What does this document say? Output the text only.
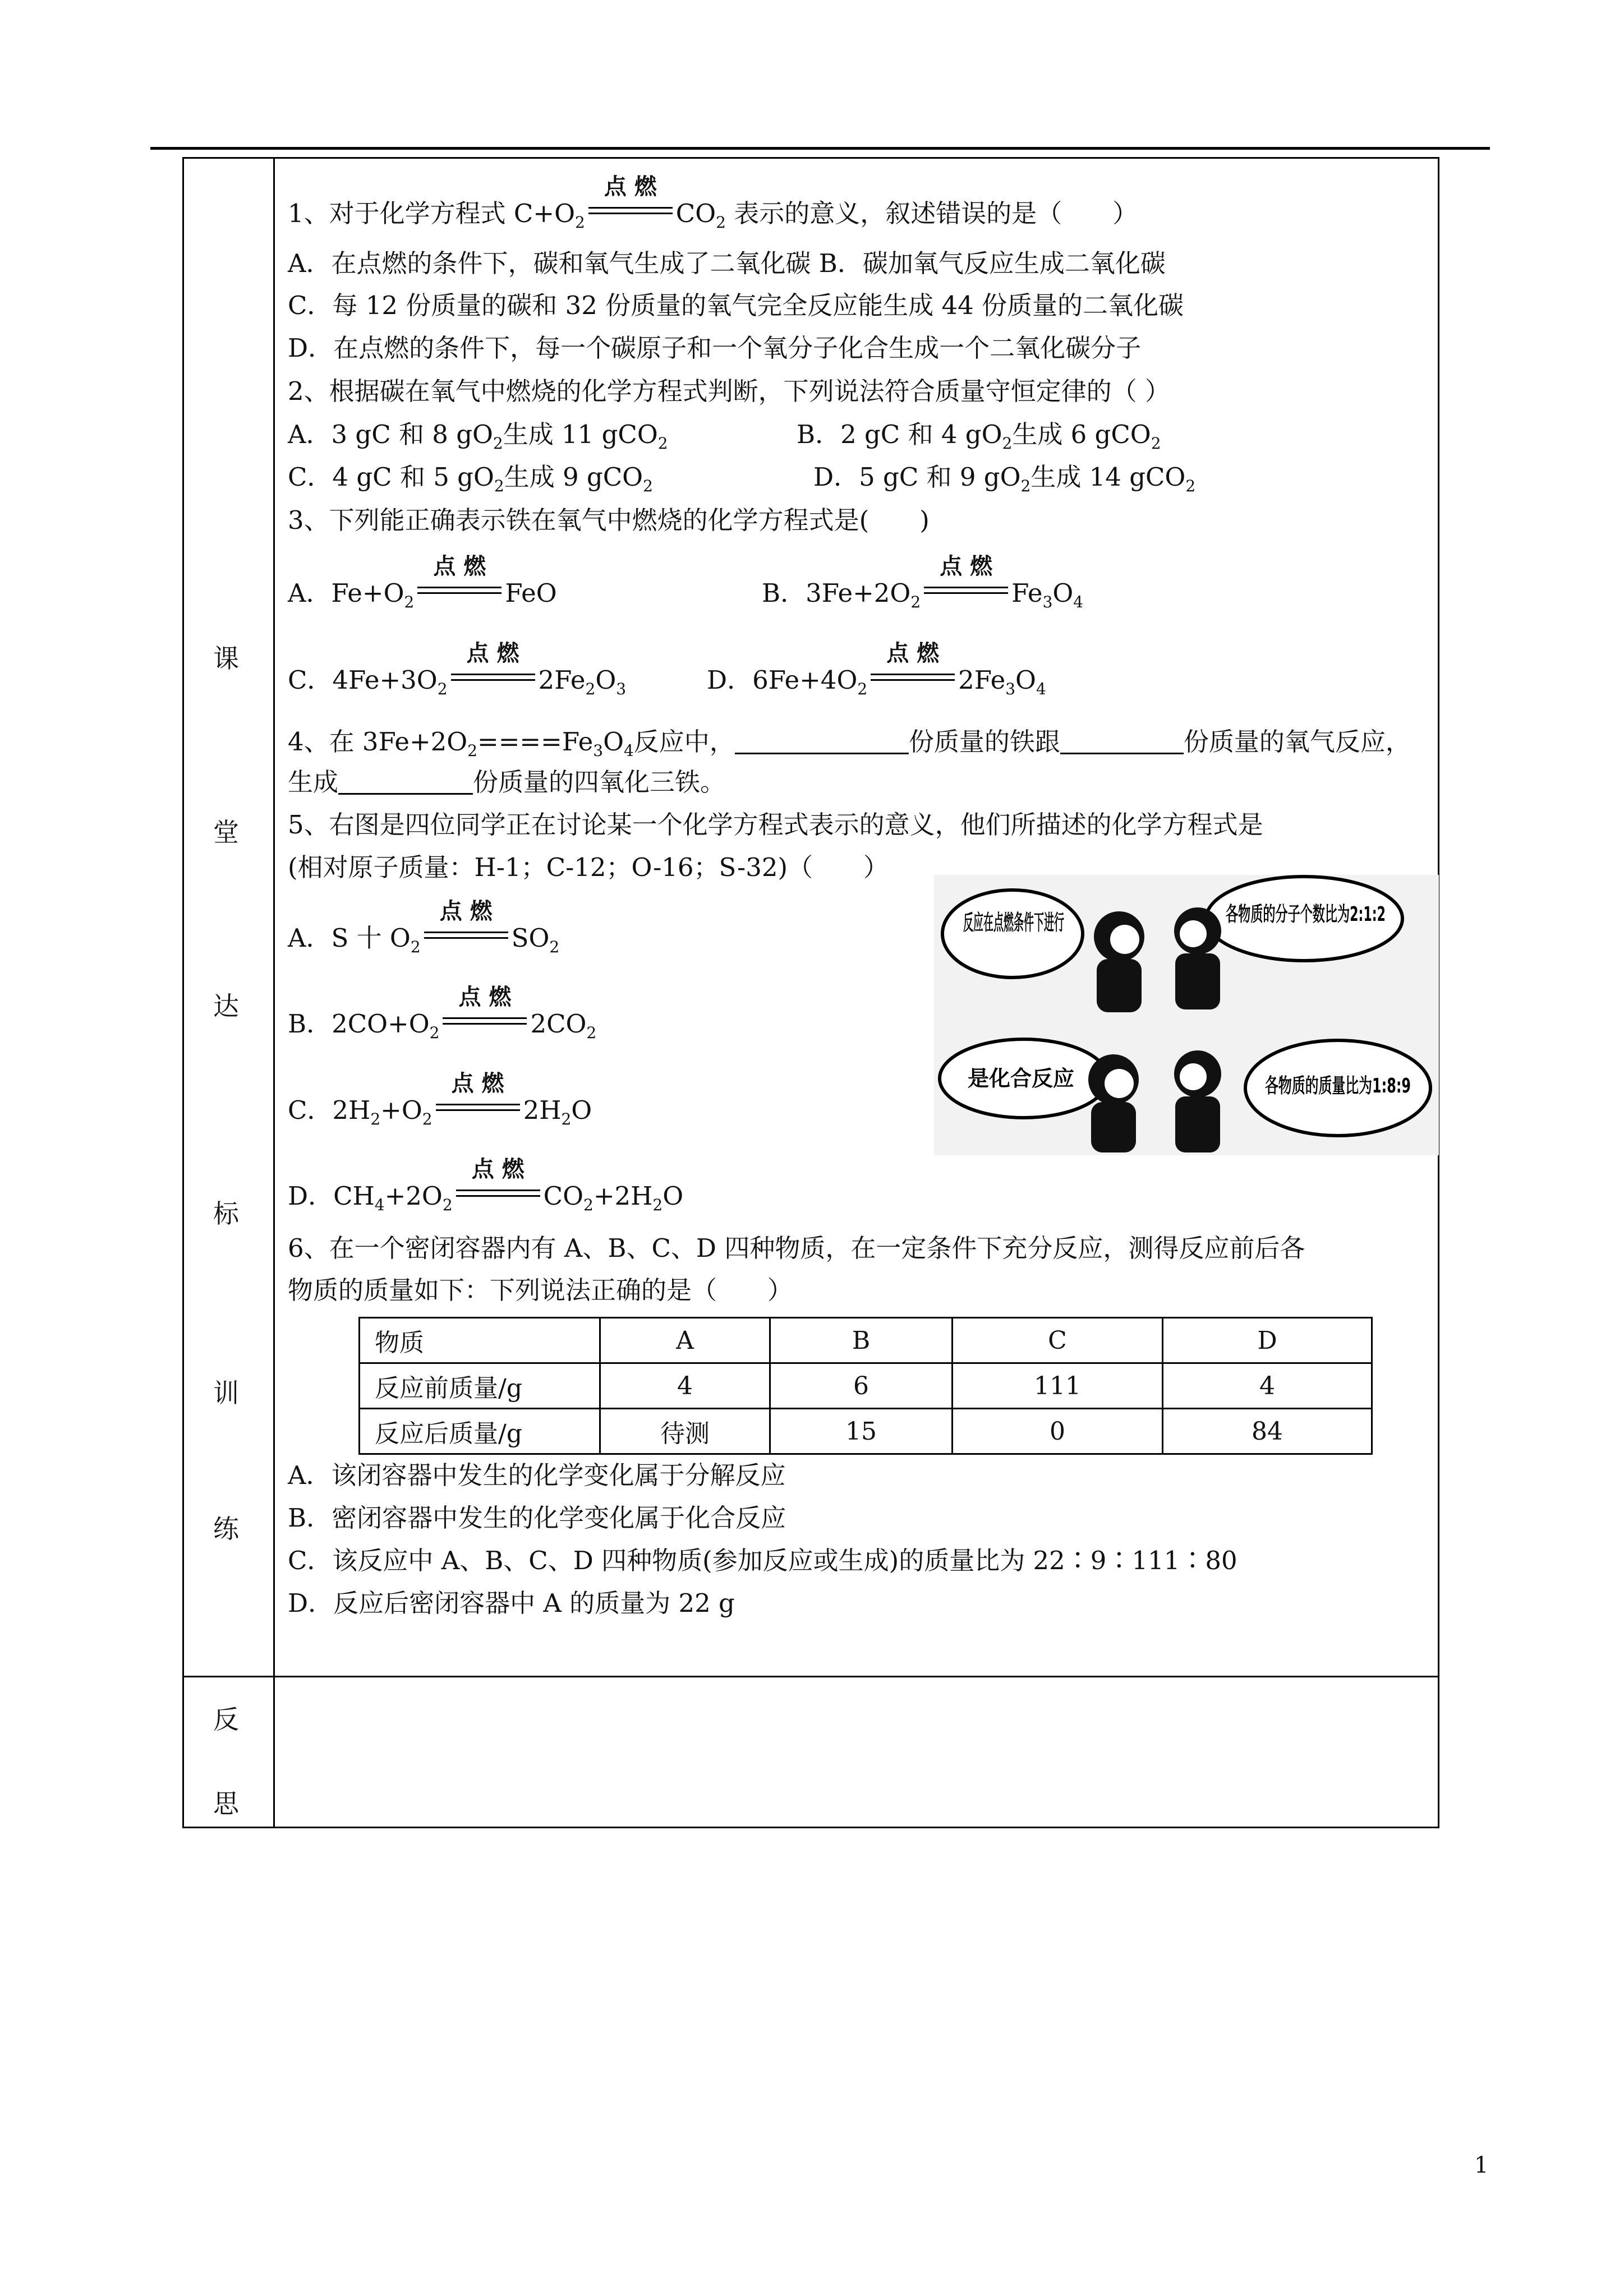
课
堂
达
标
训
练
反
思
1、对于化学方程式 $C+O_2$
点 燃
$CO_2$ 表示的意义，叙述错误的是（　　）
A．在点燃的条件下，碳和氧气生成了二氧化碳 B．碳加氧气反应生成二氧化碳
C．每 12 份质量的碳和 32 份质量的氧气完全反应能生成 44 份质量的二氧化碳
D．在点燃的条件下，每一个碳原子和一个氧分子化合生成一个二氧化碳分子
2、根据碳在氧气中燃烧的化学方程式判断，下列说法符合质量守恒定律的（ ）
A．3 gC 和 8 $gO_2$生成 11 gCO$_2$	B．2 gC 和 4 $gO_2$生成 6 gCO$_2$
C．4 gC 和 5 $gO_2$生成 9 gCO$_2$	D．5 gC 和 9 $gO_2$生成 14 gCO$_2$
3、下列能正确表示铁在氧气中燃烧的化学方程式是(　　)
A．$Fe+O_2$
点 燃
FeO	B．$3Fe+2O_2$
点 燃
$Fe_3O_4$
C．$4Fe+3O_2$
点 燃
$2Fe_2O_3$	D．$6Fe+4O_2$
点 燃
$2Fe_3O_4$
4、在 $3Fe+2O_2====Fe_3O_4$反应中，	份质量的铁跟	份质量的氧气反应，
生成	份质量的四氧化三铁。
5、右图是四位同学正在讨论某一个化学方程式表示的意义，他们所描述的化学方程式是
(相对原子质量：H-1；C-12；O-16；S-32)（　　）
A．S 十 $O_2$
点 燃
$SO_2$
B．$2CO+O_2$
点 燃
$2CO_2$
C．$2H_2+O_2$
点 燃
$2H_2O$
D．$CH_4+2O_2$
点 燃
$CO_2+2H_2O$
反应在点燃条件下进行	各物质的分子个数比为2:1:2
是化合反应	各物质的质量比为1:8:9
6、在一个密闭容器内有 A、B、C、D 四种物质，在一定条件下充分反应，测得反应前后各
物质的质量如下：下列说法正确的是（　　）
物质	A	B	C	D
反应前质量/g	4	6	111	4
反应后质量/g	待测	15	0	84
A．该闭容器中发生的化学变化属于分解反应
B．密闭容器中发生的化学变化属于化合反应
C．该反应中 A、B、C、D 四种物质(参加反应或生成)的质量比为 22∶9∶111∶80
D．反应后密闭容器中 A 的质量为 22 g
1
